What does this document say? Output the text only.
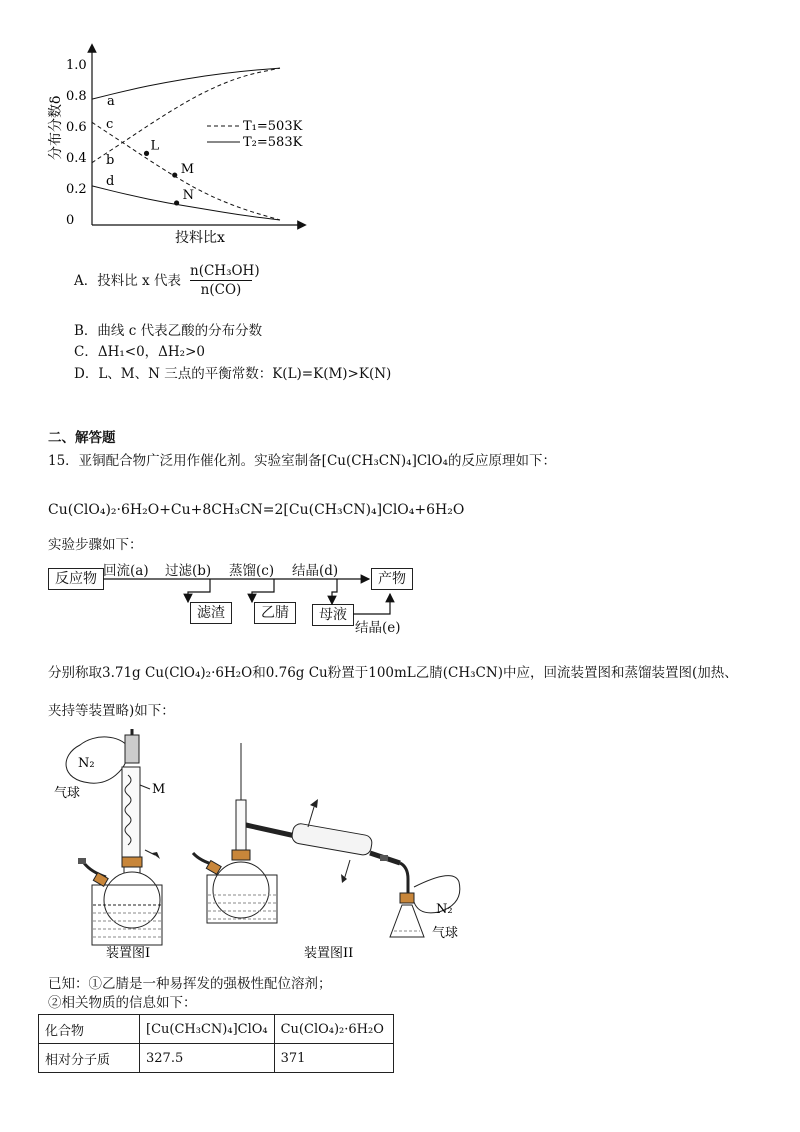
1.0
0.8
0.6
0.4
0.2
0
L
M
N
分布分数δ
投料比x
a
c
b
d
T₁=503K
T₂=583K
A．投料比 x 代表 $\frac{\text{n(CH₃OH)}}{n(CO)}$
B．曲线 c 代表乙酸的分布分数
C．ΔH₁<0，ΔH₂>0
D．L、M、N 三点的平衡常数：K(L)=K(M)>K(N)
二、解答题
15．亚铜配合物广泛用作催化剂。实验室制备[Cu(CH₃CN)₄]ClO₄的反应原理如下：
Cu(ClO₄)₂·6H₂O+Cu+8CH₃CN=2[Cu(CH₃CN)₄]ClO₄+6H₂O
实验步骤如下：
反应物	产物
滤渣	乙腈	母液
回流(a) 过滤(b) 蒸馏(c) 结晶(d)
结晶(e)
分别称取3.71g Cu(ClO₄)₂·6H₂O和0.76g Cu粉置于100mL乙腈(CH₃CN)中应，回流装置图和蒸馏装置图(加热、
夹持等装置略)如下：
N₂
气球	M
N₂
气球
装置图I	装置图II
已知：①乙腈是一种易挥发的强极性配位溶剂；
②相关物质的信息如下：
化合物	[Cu(CH₃CN)₄]ClO₄	Cu(ClO₄)₂·6H₂O
相对分子质	327.5	371
